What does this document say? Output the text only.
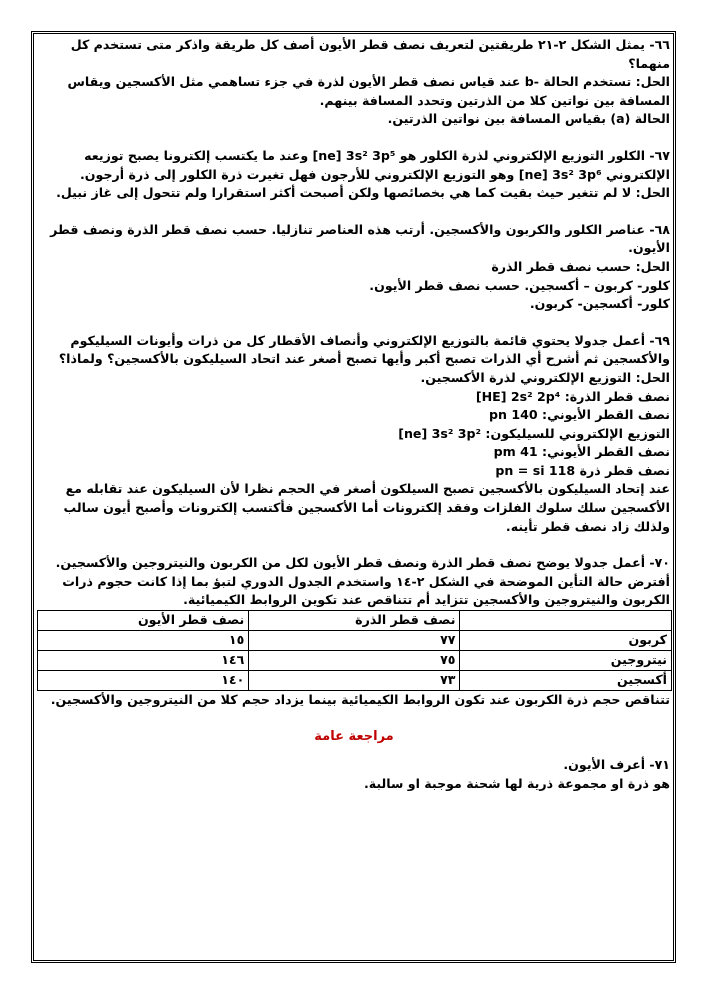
٦٦- يمثل الشكل ٢-٢١ طريقتين لتعريف نصف قطر الأيون أصف كل طريقة واذكر متى تستخدم كل منهما؟

الحل: تستخدم الحالة -b عند قياس نصف قطر الأيون لذرة في جزء تساهمي مثل الأكسجين ويقاس المسافة بين نواتين كلا من الذرتين وتحدد المسافة بينهم.

الحالة (a) بقياس المسافة بين نواتين الذرتين.

٦٧- الكلور التوزيع الإلكتروني لذرة الكلور هو [ne] 3s² 3p⁵ وعند ما يكتسب إلكترونا يصبح توزيعه الإلكتروني [ne] 3s² 3p⁶ وهو التوزيع الإلكتروني للأرجون فهل تغيرت ذرة الكلور إلى ذرة أرجون.

الحل: لا لم تتغير حيث بقيت كما هي بخصائصها ولكن أصبحت أكثر استقرارا ولم تتحول إلى غاز نبيل.

٦٨- عناصر الكلور والكربون والأكسجين. أرتب هذه العناصر تنازليا. حسب نصف قطر الذرة ونصف قطر الأيون.

الحل: حسب نصف قطر الذرة

كلور- كربون – أكسجين. حسب نصف قطر الأيون.

كلور- أكسجين- كربون.

٦٩- أعمل جدولا يحتوي قائمة بالتوزيع الإلكتروني وأنصاف الأقطار كل من ذرات وأيونات السيليكوم والأكسجين ثم أشرح أي الذرات تصبح أكبر وأيها تصبح أصغر عند اتحاد السيليكون بالأكسجين؟ ولماذا؟

الحل: التوزيع الإلكتروني لذرة الأكسجين.

نصف قطر الذرة: [HE] 2s² 2p⁴

نصف القطر الأيوني: 140 pn

التوزيع الإلكتروني للسيليكون: [ne] 3s² 3p²

نصف القطر الأيوني: 41 pm

نصف قطر ذرة 118 pn = si

عند إتحاد السيليكون بالأكسجين تصبح السيلكون أصغر في الحجم نظرا لأن السيليكون عند تقابله مع الأكسجين سلك سلوك الفلزات وفقد إلكترونات أما الأكسجين فأكتسب إلكترونات وأصبح أيون سالب ولذلك زاد نصف قطر تأينه.

٧٠- أعمل جدولا يوضح نصف قطر الذرة ونصف قطر الأيون لكل من الكربون والنيتروجين والأكسجين. أفترض حالة التأين الموضحة في الشكل ٢-١٤ واستخدم الجدول الدوري لتبؤ بما إذا كانت حجوم ذرات الكربون والنيتروجين والأكسجين تتزايد أم تتناقص عند تكوين الروابط الكيميائية.

	نصف قطر الذرة	نصف قطر الأيون
كربون	٧٧	١٥
نيتروجين	٧٥	١٤٦
أكسجين	٧٣	١٤٠

تتناقص حجم ذرة الكربون عند تكون الروابط الكيميائية بينما يزداد حجم كلا من النيتروجين والأكسجين.

مراجعة عامة

٧١- أعرف الأيون.

هو ذرة او مجموعة ذرية لها شحنة موجبة او سالبة.
